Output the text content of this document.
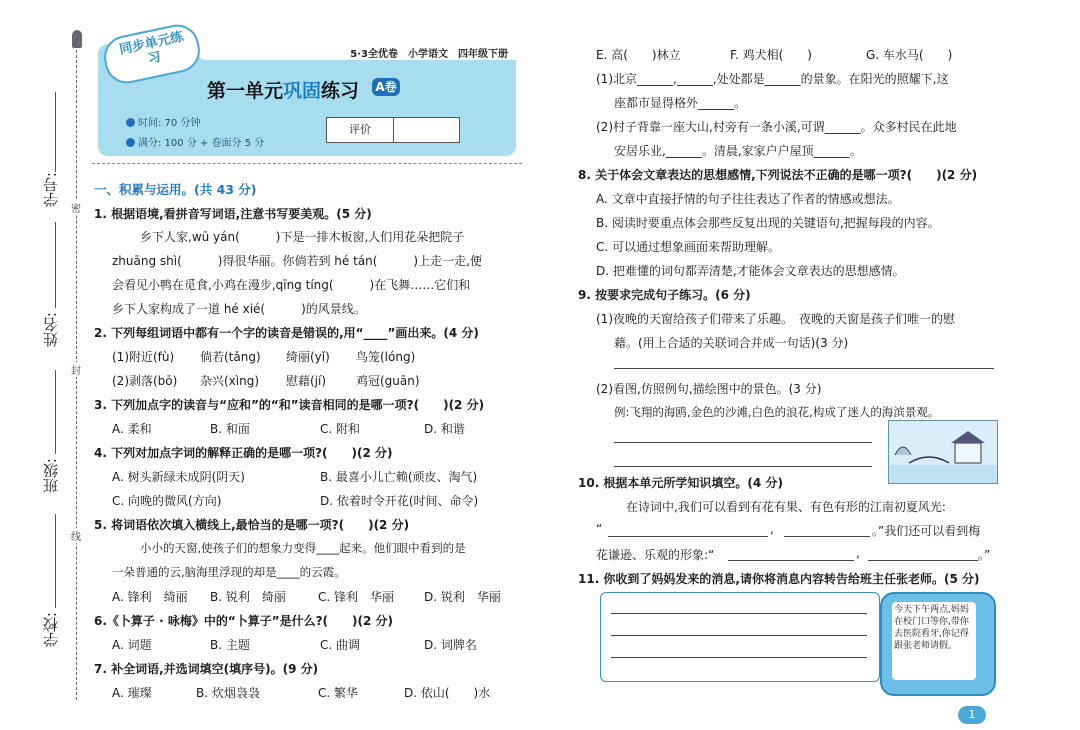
学号:
姓名:
班级:
学校:
密
封
线
5·3全优卷　小学语文　四年级下册
同步单元练习
第一单元巩固练习 A卷
时间: 70 分钟
满分: 100 分 + 卷面分 5 分
评价
一、积累与运用。(共 43 分)
1. 根据语境,看拼音写词语,注意书写要美观。(5 分)
乡下人家,wū yán(　　　)下是一排木板窗,人们用花朵把院子
zhuāng shì(　　　)得很华丽。你倘若到 hé tán(　　　)上走一走,便
会看见小鸭在觅食,小鸡在漫步,qīng tíng(　　　)在飞舞……它们和
乡下人家构成了一道 hé xié(　　　)的风景线。
2. 下列每组词语中都有一个字的读音是错误的,用“____”画出来。(4 分)
(1)附近(fù) 倘若(tǎng) 绮丽(yǐ) 鸟笼(lóng)
(2)剥落(bō) 杂兴(xìng) 慰藉(jí) 鸡冠(guān)
3. 下列加点字的读音与“应和”的“和”读音相同的是哪一项?(　　)(2 分)
A. 柔和	B. 和面	C. 附和	D. 和谐
4. 下列对加点字词的解释正确的是哪一项?(　　)(2 分)
A. 树头新绿未成阴(阴天)	B. 最喜小儿亡赖(顽皮、淘气)
C. 向晚的微风(方向)	D. 依着时令开花(时间、命令)
5. 将词语依次填入横线上,最恰当的是哪一项?(　　)(2 分)
小小的天窗,使孩子们的想象力变得____起来。他们眼中看到的是
一朵普通的云,脑海里浮现的却是____的云霞。
A. 锋利　绮丽 B. 锐利　绮丽	C. 锋利　华丽 D. 锐利　华丽
6.《卜算子 · 咏梅》中的“卜算子”是什么?(　　)(2 分)
A. 词题	B. 主题	C. 曲调	D. 词牌名
7. 补全词语,并选词填空(填序号)。(9 分)
A. 璀璨	B. 炊烟袅袅	C. 繁华	D. 依山(　　)水
E. 高(　　)林立	F. 鸡犬相(　　)	G. 车水马(　　)
(1)北京______,______,处处都是______的景象。在阳光的照耀下,这
座都市显得格外______。
(2)村子背靠一座大山,村旁有一条小溪,可谓______。众多村民在此地
安居乐业,______。清晨,家家户户屋顶______。
8. 关于体会文章表达的思想感情,下列说法不正确的是哪一项?(　　)(2 分)
A. 文章中直接抒情的句子往往表达了作者的情感或想法。
B. 阅读时要重点体会那些反复出现的关键语句,把握每段的内容。
C. 可以通过想象画面来帮助理解。
D. 把难懂的词句都弄清楚,才能体会文章表达的思想感情。
9. 按要求完成句子练习。(6 分)
(1)夜晚的天窗给孩子们带来了乐趣。　夜晚的天窗是孩子们唯一的慰
藉。(用上合适的关联词合并成一句话)(3 分)
(2)看图,仿照例句,描绘图中的景色。(3 分)
例:飞翔的海鸥,金色的沙滩,白色的浪花,构成了迷人的海滨景观。
10. 根据本单元所学知识填空。(4 分)
在诗词中,我们可以看到有花有果、有色有形的江南初夏风光:
“	,	。”我们还可以看到梅
花谦逊、乐观的形象:“	,	。”
11. 你收到了妈妈发来的消息,请你将消息内容转告给班主任张老师。(5 分)
今天下午两点,妈妈在校门口等你,带你去医院看牙,你记得跟张老师请假。
1
